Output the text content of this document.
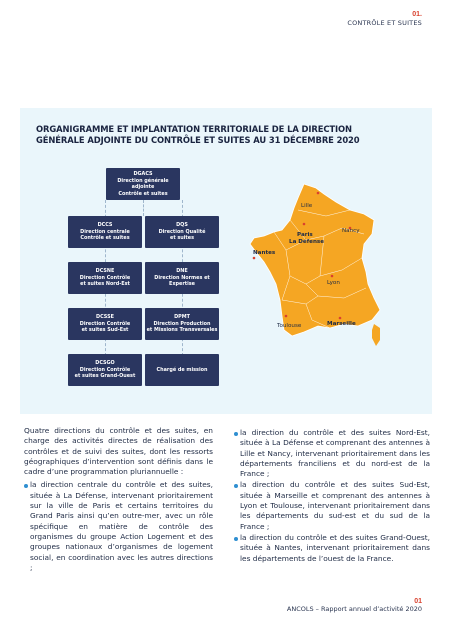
01.
CONTRÔLE ET SUITES
ORGANIGRAMME ET IMPLANTATION TERRITORIALE DE LA DIRECTION
GÉNÉRALE ADJOINTE DU CONTRÔLE ET SUITES AU 31 DÉCEMBRE 2020
DGACS
Direction générale adjointe
Contrôle et suites
DCCS
Direction centrale
Contrôle et suites
DQS
Direction Qualité
et suites
DCSNE
Direction Contrôle
et suites Nord-Est
DNE
Direction Normes et
Expertise
DCSSE
Direction Contrôle
et suites Sud-Est
DPMT
Direction Production
et Missions Transversales
DCSGO
Direction Contrôle
et suites Grand-Ouest
Chargé de mission
Lille
Paris
La Défense
Nancy
Nantes
Lyon
Toulouse	Marseille

Quatre directions du contrôle et des suites, en charge des activités directes de réalisation des contrôles et de suivi des suites, dont les ressorts géographiques d’intervention sont définis dans le cadre d’une programmation pluriannuelle :

la direction centrale du contrôle et des suites, située à La Défense, intervenant prioritairement sur la ville de Paris et certains territoires du Grand Paris ainsi qu’en outre-mer, avec un rôle spécifique en matière de contrôle des organismes du groupe Action Logement et des groupes nationaux d’organismes de logement social, en coordination avec les autres directions ;

la direction du contrôle et des suites Nord-Est, située à La Défense et comprenant des antennes à Lille et Nancy, intervenant prioritairement dans les départements franciliens et du nord-est de la France ;

la direction du contrôle et des suites Sud-Est, située à Marseille et comprenant des antennes à Lyon et Toulouse, intervenant prioritairement dans les départements du sud-est et du sud de la France ;

la direction du contrôle et des suites Grand-Ouest, située à Nantes, intervenant prioritairement dans les départements de l’ouest de la France.

01
ANCOLS – Rapport annuel d’activité 2020
